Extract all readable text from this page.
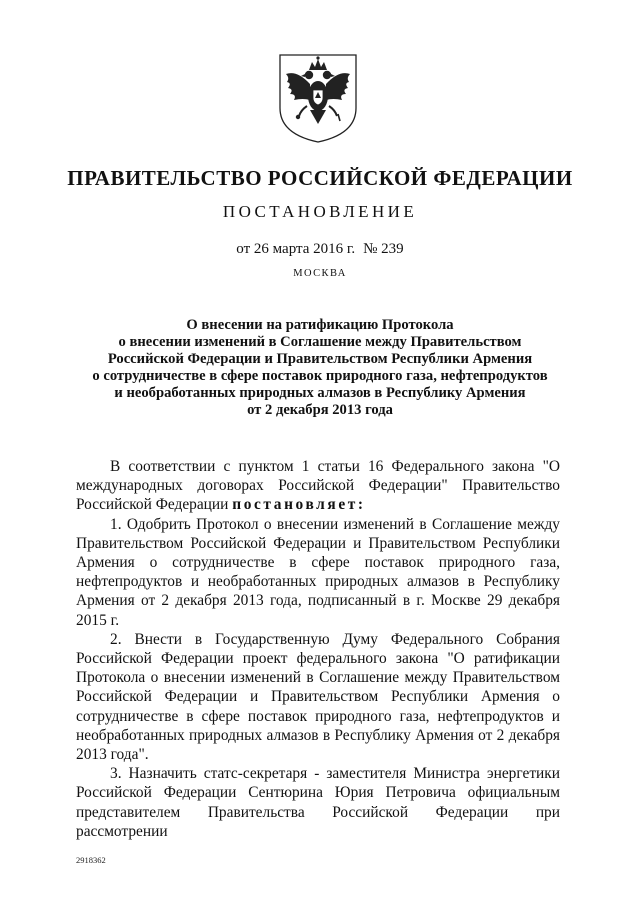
ПРАВИТЕЛЬСТВО РОССИЙСКОЙ ФЕДЕРАЦИИ
ПОСТАНОВЛЕНИЕ
от 26 марта 2016 г. № 239
МОСКВА
О внесении на ратификацию Протокола
о внесении изменений в Соглашение между Правительством
Российской Федерации и Правительством Республики Армения
о сотрудничестве в сфере поставок природного газа, нефтепродуктов
и необработанных природных алмазов в Республику Армения
от 2 декабря 2013 года

В соответствии с пунктом 1 статьи 16 Федерального закона "О международных договорах Российской Федерации" Правительство Российской Федерации постановляет:

1. Одобрить Протокол о внесении изменений в Соглашение между Правительством Российской Федерации и Правительством Республики Армения о сотрудничестве в сфере поставок природного газа, нефтепродуктов и необработанных природных алмазов в Республику Армения от 2 декабря 2013 года, подписанный в г. Москве 29 декабря 2015 г.

2. Внести в Государственную Думу Федерального Собрания Российской Федерации проект федерального закона "О ратификации Протокола о внесении изменений в Соглашение между Правительством Российской Федерации и Правительством Республики Армения о сотрудничестве в сфере поставок природного газа, нефтепродуктов и необработанных природных алмазов в Республику Армения от 2 декабря 2013 года".

3. Назначить статс-секретаря - заместителя Министра энергетики Российской Федерации Сентюрина Юрия Петровича официальным представителем Правительства Российской Федерации при рассмотрении

2918362
